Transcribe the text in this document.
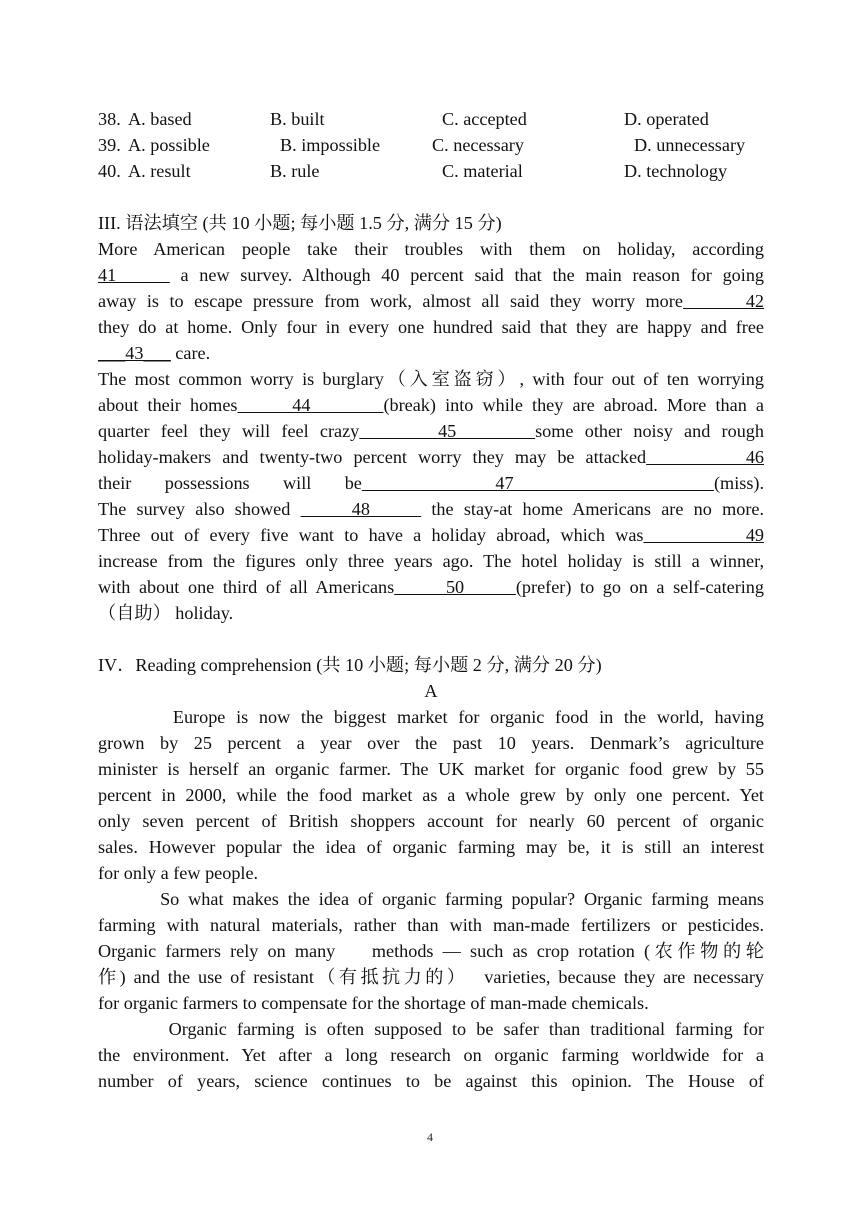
38. A. based	B. built	C. accepted	D. operated
39. A. possible	B. impossible	C. necessary	D. unnecessary
40. A. result	B. rule	C. material	D. technology
III. 语法填空 (共 10 小题; 每小题 1.5 分, 满分 15 分)
More American people take their troubles with them on holiday, according
41      a new survey. Although 40 percent said that the main reason for going
away is to escape pressure from work, almost all said they worry more      42
they do at home. Only four in every one hundred said that they are happy and free
___43___ care.
The most common worry is burglary（入室盗窃）, with four out of ten worrying
about their homes      44        (break) into while they are abroad. More than a
quarter feel they will feel crazy       45       some other noisy and rough
holiday-makers and twenty-two percent worry they may be attacked         46
their possessions will be    47      (miss).
The survey also showed      48      the stay-at home Americans are no more.
Three out of every five want to have a holiday abroad, which was          49
increase from the figures only three years ago. The hotel holiday is still a winner,
with about one third of all Americans      50      (prefer) to go on a self-catering
（自助） holiday.
IV．Reading comprehension (共 10 小题; 每小题 2 分, 满分 20 分)
A
Europe is now the biggest market for organic food in the world, having
grown by 25 percent a year over the past 10 years. Denmark’s agriculture
minister is herself an organic farmer. The UK market for organic food grew by 55
percent in 2000, while the food market as a whole grew by only one percent. Yet
only seven percent of British shoppers account for nearly 60 percent of organic
sales. However popular the idea of organic farming may be, it is still an interest
for only a few people.
So what makes the idea of organic farming popular? Organic farming means
farming with natural materials, rather than with man-made fertilizers or pesticides.
Organic farmers rely on many    methods — such as crop rotation (农作物的轮
作) and the use of resistant（有抵抗力的）  varieties, because they are necessary
for organic farmers to compensate for the shortage of man-made chemicals.
Organic farming is often supposed to be safer than traditional farming for
the environment. Yet after a long research on organic farming worldwide for a
number of years, science continues to be against this opinion. The House of
4
